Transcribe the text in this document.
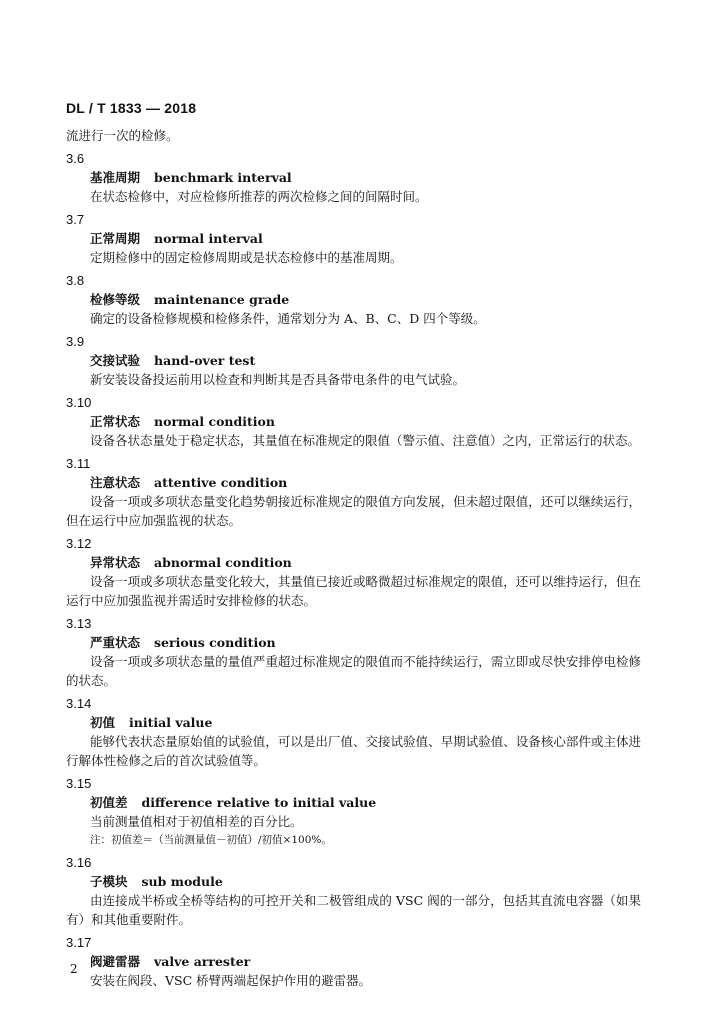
DL / T 1833 — 2018
流进行一次的检修。
3.6
基准周期 benchmark interval
在状态检修中，对应检修所推荐的两次检修之间的间隔时间。
3.7
正常周期 normal interval
定期检修中的固定检修周期或是状态检修中的基准周期。
3.8
检修等级 maintenance grade
确定的设备检修规模和检修条件，通常划分为 A、B、C、D 四个等级。
3.9
交接试验 hand-over test
新安装设备投运前用以检查和判断其是否具备带电条件的电气试验。
3.10
正常状态 normal condition
设备各状态量处于稳定状态，其量值在标准规定的限值（警示值、注意值）之内，正常运行的状态。
3.11
注意状态 attentive condition
设备一项或多项状态量变化趋势朝接近标准规定的限值方向发展，但未超过限值，还可以继续运行，但在运行中应加强监视的状态。
3.12
异常状态 abnormal condition
设备一项或多项状态量变化较大，其量值已接近或略微超过标准规定的限值，还可以维持运行，但在运行中应加强监视并需适时安排检修的状态。
3.13
严重状态 serious condition
设备一项或多项状态量的量值严重超过标准规定的限值而不能持续运行，需立即或尽快安排停电检修的状态。
3.14
初值 initial value
能够代表状态量原始值的试验值，可以是出厂值、交接试验值、早期试验值、设备核心部件或主体进行解体性检修之后的首次试验值等。
3.15
初值差 difference relative to initial value
当前测量值相对于初值相差的百分比。
注：初值差＝（当前测量值－初值）/初值×100%。
3.16
子模块 sub module
由连接成半桥或全桥等结构的可控开关和二极管组成的 VSC 阀的一部分，包括其直流电容器（如果有）和其他重要附件。
3.17
阀避雷器 valve arrester
安装在阀段、VSC 桥臂两端起保护作用的避雷器。
2
